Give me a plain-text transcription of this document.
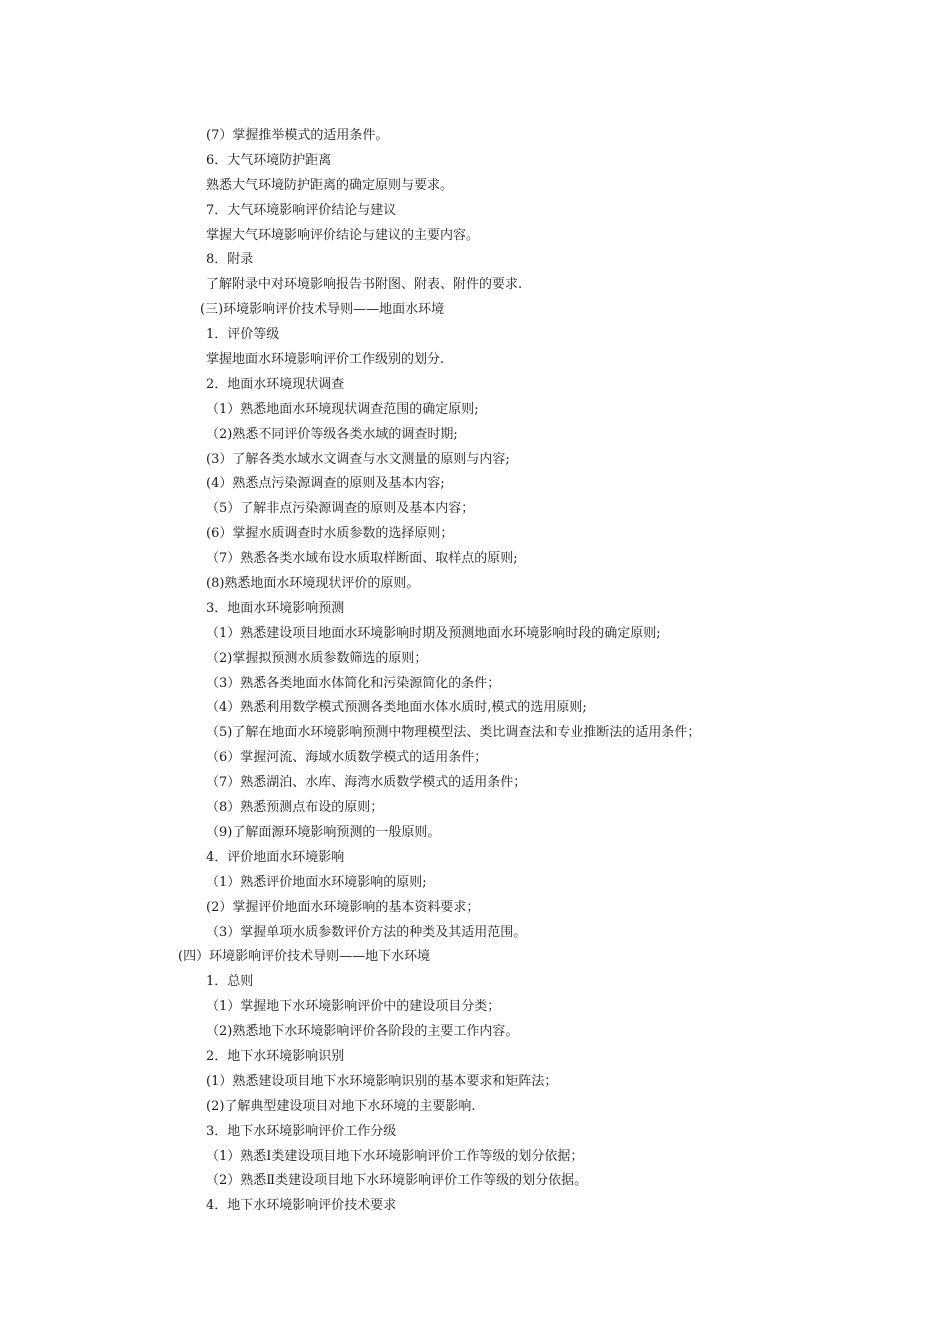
(7）掌握推举模式的适用条件。
6．大气环境防护距离
熟悉大气环境防护距离的确定原则与要求。
7．大气环境影响评价结论与建议
掌握大气环境影响评价结论与建议的主要内容。
8．附录
了解附录中对环境影响报告书附图、附表、附件的要求.
(三)环境影响评价技术导则——地面水环境
1．评价等级
掌握地面水环境影响评价工作级别的划分.
2．地面水环境现状调查
（1）熟悉地面水环境现状调查范围的确定原则;
（2)熟悉不同评价等级各类水域的调查时期;
(3）了解各类水域水文调查与水文测量的原则与内容;
(4）熟悉点污染源调查的原则及基本内容;
（5）了解非点污染源调查的原则及基本内容；
(6）掌握水质调查时水质参数的选择原则；
（7）熟悉各类水域布设水质取样断面、取样点的原则;
(8)熟悉地面水环境现状评价的原则。
3．地面水环境影响预测
（1）熟悉建设项目地面水环境影响时期及预测地面水环境影响时段的确定原则;
（2)掌握拟预测水质参数筛选的原则；
（3）熟悉各类地面水体简化和污染源简化的条件；
（4）熟悉利用数学模式预测各类地面水体水质时,模式的选用原则;
（5)了解在地面水环境影响预测中物理模型法、类比调查法和专业推断法的适用条件；
（6）掌握河流、海域水质数学模式的适用条件；
（7）熟悉湖泊、水库、海湾水质数学模式的适用条件；
（8）熟悉预测点布设的原则；
（9)了解面源环境影响预测的一般原则。
4．评价地面水环境影响
（1）熟悉评价地面水环境影响的原则;
(2）掌握评价地面水环境影响的基本资料要求；
（3）掌握单项水质参数评价方法的种类及其适用范围。
(四）环境影响评价技术导则——地下水环境
1．总则
（1）掌握地下水环境影响评价中的建设项目分类；
（2)熟悉地下水环境影响评价各阶段的主要工作内容。
2．地下水环境影响识别
(1）熟悉建设项目地下水环境影响识别的基本要求和矩阵法；
(2)了解典型建设项目对地下水环境的主要影响.
3．地下水环境影响评价工作分级
（1）熟悉Ⅰ类建设项目地下水环境影响评价工作等级的划分依据；
（2）熟悉Ⅱ类建设项目地下水环境影响评价工作等级的划分依据。
4．地下水环境影响评价技术要求
